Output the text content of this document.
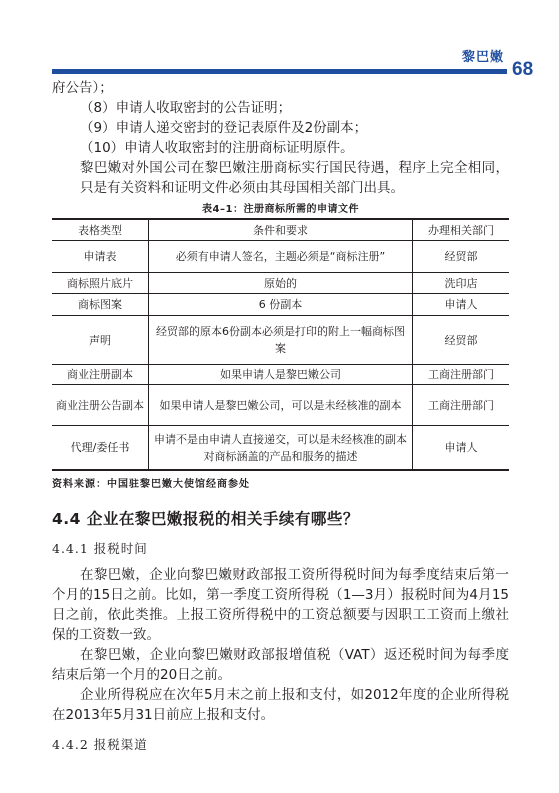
黎巴嫩
68

府公告）；

（8）申请人收取密封的公告证明；

（9）申请人递交密封的登记表原件及2份副本；

（10）申请人收取密封的注册商标证明原件。

黎巴嫩对外国公司在黎巴嫩注册商标实行国民待遇，程序上完全相同，只是有关资料和证明文件必须由其母国相关部门出具。

表4–1：注册商标所需的申请文件
表格类型	条件和要求	办理相关部门
申请表	必须有申请人签名，主题必须是“商标注册”	经贸部
商标照片底片	原始的	洗印店
商标图案	6 份副本	申请人
声明	经贸部的原本6份副本必须是打印的附上一幅商标图案	经贸部
商业注册副本	如果申请人是黎巴嫩公司	工商注册部门
商业注册公告副本	如果申请人是黎巴嫩公司，可以是未经核准的副本	工商注册部门
代理/委任书	申请不是由申请人直接递交，可以是未经核准的副本对商标涵盖的产品和服务的描述	申请人
资料来源：中国驻黎巴嫩大使馆经商参处
4.4 企业在黎巴嫩报税的相关手续有哪些？
4.4.1 报税时间

在黎巴嫩，企业向黎巴嫩财政部报工资所得税时间为每季度结束后第一个月的15日之前。比如，第一季度工资所得税（1—3月）报税时间为4月15日之前，依此类推。上报工资所得税中的工资总额要与因职工工资而上缴社保的工资数一致。

在黎巴嫩，企业向黎巴嫩财政部报增值税（VAT）返还税时间为每季度结束后第一个月的20日之前。

企业所得税应在次年5月末之前上报和支付，如2012年度的企业所得税在2013年5月31日前应上报和支付。

4.4.2 报税渠道
